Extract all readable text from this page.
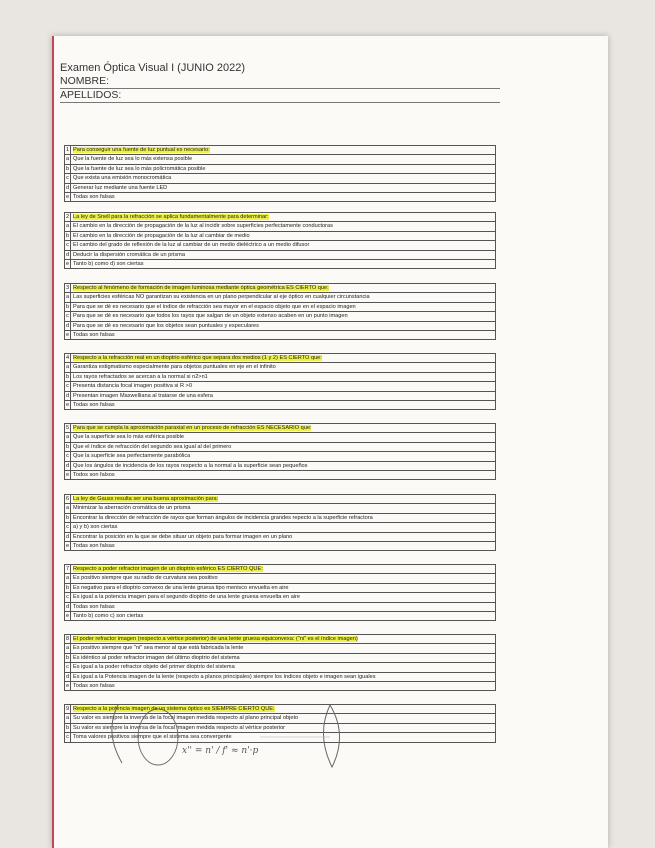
Examen Óptica Visual I (JUNIO 2022)
NOMBRE:
APELLIDOS:
1	Para conseguir una fuente de luz puntual es necesario:
a	Que la fuente de luz sea lo más extensa posible
b	Que la fuente de luz sea lo más policromática posible
c	Que exista una emisión monocromática
d	Generar luz mediante una fuente LED
e	Todas son falsas
2	La ley de Snell para la refracción se aplica fundamentalmente para determinar:
a	El cambio en la dirección de propagación de la luz al incidir sobre superficies perfectamente conductoras
b	El cambio en la dirección de propagación de la luz al cambiar de medio
c	El cambio del grado de reflexión de la luz al cambiar de un medio dieléctrico a un medio difusor
d	Deducir la dispersión cromática de un prisma
e	Tanto b) como d) son ciertas
3	Respecto al fenómeno de formación de imagen luminosa mediante óptica geométrica ES CIERTO que:
a	Las superficies esféricas NO garantizan su existencia en un plano perpendicular al eje óptico en cualquier circunstancia
b	Para que se dé es necesario que el índice de refracción sea mayor en el espacio objeto que en el espacio imagen
c	Para que se dé es necesario que todos los rayos que salgan de un objeto extenso acaben en un punto imagen
d	Para que se dé es necesario que los objetos sean puntuales y especulares
e	Todas son falsas
4	Respecto a la refracción real en un dioptrio esférico que separa dos medios (1 y 2) ES CIERTO que:
a	Garantiza estigmatismo especialmente para objetos puntuales en eje en el infinito
b	Los rayos refractados se acercan a la normal si n2>n1
c	Presenta distancia focal imagen positiva si R >0
d	Presentan imagen Maxwelliana al tratarse de una esfera
e	Todas son falsas
5	Para que se cumpla la aproximación paraxial en un proceso de refracción ES NECESARIO que:
a	Que la superficie sea lo más esférica posible
b	Que el índice de refracción del segundo sea igual al del primero
c	Que la superficie sea perfectamente parabólica
d	Que los ángulos de incidencia de los rayos respecto a la normal a la superficie sean pequeños
e	Todos son falsos
6	La ley de Gauss resulta ser una buena aproximación para:
a	Minimizar la aberración cromática de un prisma
b	Encontrar la dirección de refracción de rayos que forman ángulos de incidencia grandes repecto a la superficie refractora
c	a) y b) son ciertas
d	Encontrar la posición en la que se debe situar un objeto para formar imagen en un plano
e	Todas son falsas
7	Respecto a poder refractor imagen de un dioptrio esférico ES CIERTO QUE:
a	Es positivo siempre que su radio de curvatura sea positivo
b	Es negativo para el dioptrio convexo de una lente gruesa tipo menisco envuelta en aire
c	Es igual a la potencia imagen para el segundo dioptrio de una lente gruesa envuelta en aire
d	Todas son falsas
e	Tanto b) como c) son ciertas
8	El poder refractor imagen (respecto a vértice posterior) de una lente gruesa equiconvexa: ("ni" es el índice imagen)
a	Es positivo siempre que "ni" sea menor al que está fabricada la lente
b	Es idéntico al poder refractor imagen del último dioptrio del sistema
c	Es igual a la poder refractor objeto del primer dioptrio del sistema
d	Es igual a la Potencia imagen de la lente (respecto a planos principales) siempre los índices objeto e imagen sean iguales
e	Todas son falsas
9	Respecto a la potencia imagen de un sistema óptico es SIEMPRE CIERTO QUE:
a	Su valor es siempre la inversa de la focal imagen medida respecto al plano principal objeto
b	Su valor es siempre la inversa de la focal imagen medida respecto al vértice posterior
c	Toma valores positivos siempre que el sistema sea convergente
x'' = n' / f' ≈ n'·p
